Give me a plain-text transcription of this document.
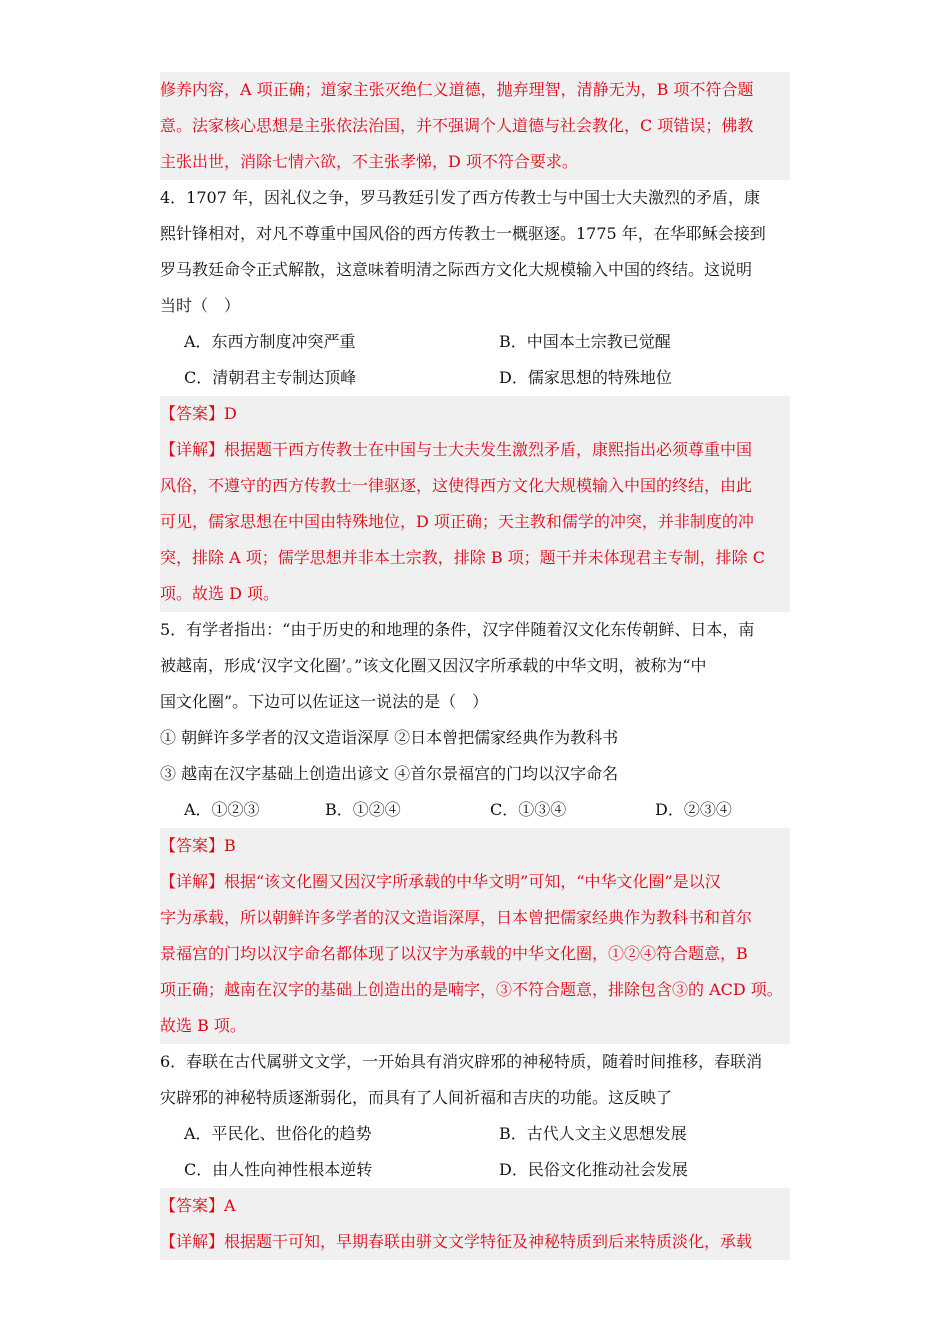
修养内容，A 项正确；道家主张灭绝仁义道德，抛弃理智，清静无为，B 项不符合题
意。法家核心思想是主张依法治国，并不强调个人道德与社会教化，C 项错误；佛教
主张出世，消除七情六欲，不主张孝悌，D 项不符合要求。
4．1707 年，因礼仪之争，罗马教廷引发了西方传教士与中国士大夫激烈的矛盾，康
熙针锋相对，对凡不尊重中国风俗的西方传教士一概驱逐。1775 年，在华耶稣会接到
罗马教廷命令正式解散，这意味着明清之际西方文化大规模输入中国的终结。这说明
当时（　）
A．东西方制度冲突严重	B．中国本土宗教已觉醒
C．清朝君主专制达顶峰	D．儒家思想的特殊地位
【答案】D
【详解】根据题干西方传教士在中国与士大夫发生激烈矛盾，康熙指出必须尊重中国
风俗，不遵守的西方传教士一律驱逐，这使得西方文化大规模输入中国的终结，由此
可见，儒家思想在中国由特殊地位，D 项正确；天主教和儒学的冲突，并非制度的冲
突，排除 A 项；儒学思想并非本土宗教，排除 B 项；题干并未体现君主专制，排除 C
项。故选 D 项。
5．有学者指出：“由于历史的和地理的条件，汉字伴随着汉文化东传朝鲜、日本，南
被越南，形成‘汉字文化圈’。”该文化圈又因汉字所承载的中华文明，被称为“中
国文化圈”。下边可以佐证这一说法的是（　）
① 朝鲜许多学者的汉文造诣深厚 ②日本曾把儒家经典作为教科书
③ 越南在汉字基础上创造出谚文 ④首尔景福宫的门均以汉字命名
A．①②③	B．①②④	C．①③④	D．②③④
【答案】B
【详解】根据“该文化圈又因汉字所承载的中华文明”可知，“中华文化圈”是以汉
字为承载，所以朝鲜许多学者的汉文造诣深厚，日本曾把儒家经典作为教科书和首尔
景福宫的门均以汉字命名都体现了以汉字为承载的中华文化圈，①②④符合题意，B
项正确；越南在汉字的基础上创造出的是喃字，③不符合题意，排除包含③的 ACD 项。
故选 B 项。
6．春联在古代属骈文文学，一开始具有消灾辟邪的神秘特质，随着时间推移，春联消
灾辟邪的神秘特质逐渐弱化，而具有了人间祈福和吉庆的功能。这反映了
A．平民化、世俗化的趋势	B．古代人文主义思想发展
C．由人性向神性根本逆转	D．民俗文化推动社会发展
【答案】A
【详解】根据题干可知，早期春联由骈文文学特征及神秘特质到后来特质淡化，承载
